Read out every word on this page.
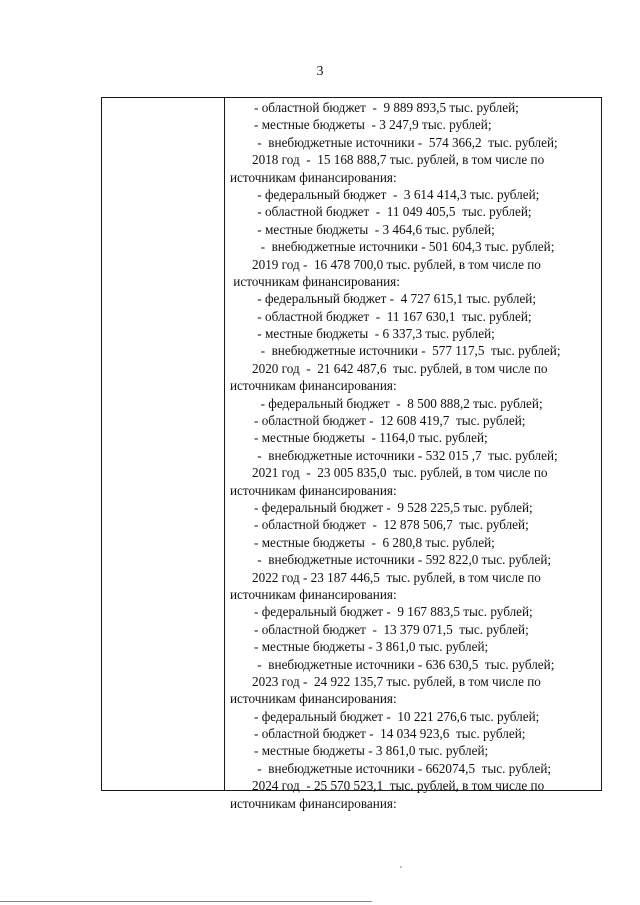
3
- областной бюджет  -  9 889 893,5 тыс. рублей;
- местные бюджеты  - 3 247,9 тыс. рублей;
-  внебюджетные источники -  574 366,2  тыс. рублей;
2018 год  -  15 168 888,7 тыс. рублей, в том числе по
источникам финансирования:
- федеральный бюджет  -  3 614 414,3 тыс. рублей;
- областной бюджет  -  11 049 405,5  тыс. рублей;
- местные бюджеты  - 3 464,6 тыс. рублей;
-  внебюджетные источники - 501 604,3 тыс. рублей;
2019 год -  16 478 700,0 тыс. рублей, в том числе по
источникам финансирования:
- федеральный бюджет -  4 727 615,1 тыс. рублей;
- областной бюджет  -  11 167 630,1  тыс. рублей;
- местные бюджеты  - 6 337,3 тыс. рублей;
-  внебюджетные источники -  577 117,5  тыс. рублей;
2020 год  -  21 642 487,6  тыс. рублей, в том числе по
источникам финансирования:
- федеральный бюджет  -  8 500 888,2 тыс. рублей;
- областной бюджет -  12 608 419,7  тыс. рублей;
- местные бюджеты  - 1164,0 тыс. рублей;
-  внебюджетные источники - 532 015 ,7  тыс. рублей;
2021 год  -  23 005 835,0  тыс. рублей, в том числе по
источникам финансирования:
- федеральный бюджет -  9 528 225,5 тыс. рублей;
- областной бюджет  -  12 878 506,7  тыс. рублей;
- местные бюджеты  -  6 280,8 тыс. рублей;
-  внебюджетные источники - 592 822,0 тыс. рублей;
2022 год - 23 187 446,5  тыс. рублей, в том числе по
источникам финансирования:
- федеральный бюджет -  9 167 883,5 тыс. рублей;
- областной бюджет  -  13 379 071,5  тыс. рублей;
- местные бюджеты - 3 861,0 тыс. рублей;
-  внебюджетные источники - 636 630,5  тыс. рублей;
2023 год -  24 922 135,7 тыс. рублей, в том числе по
источникам финансирования:
- федеральный бюджет -  10 221 276,6 тыс. рублей;
- областной бюджет -  14 034 923,6  тыс. рублей;
- местные бюджеты - 3 861,0 тыс. рублей;
-  внебюджетные источники - 662074,5  тыс. рублей;
2024 год  - 25 570 523,1  тыс. рублей, в том числе по
источникам финансирования:
